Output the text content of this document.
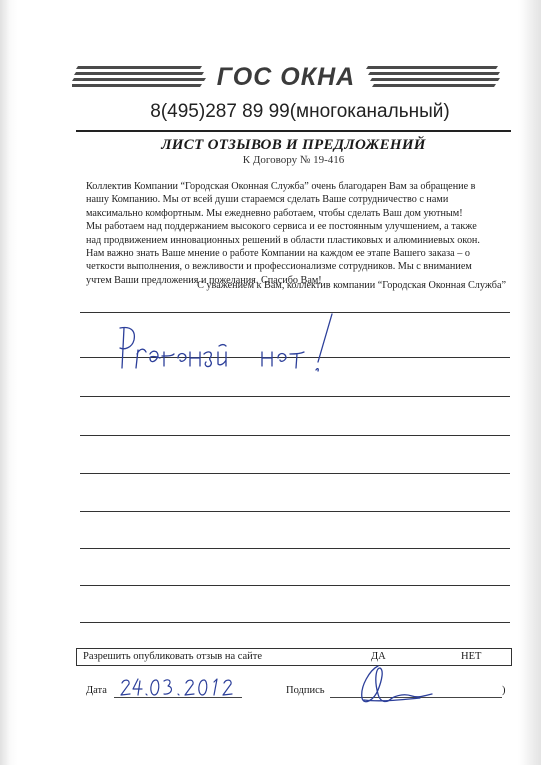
ГОС ОКНА
8(495)287 89 99(многоканальный)
ЛИСТ ОТЗЫВОВ И ПРЕДЛОЖЕНИЙ
К Договору № 19-416

Коллектив Компании “Городская Оконная Служба” очень благодарен Вам за обращение в

нашу Компанию. Мы от всей души стараемся сделать Ваше сотрудничество с нами

максимально комфортным. Мы ежедневно работаем, чтобы сделать Ваш дом уютным!

Мы работаем над поддержанием высокого сервиса и ее постоянным улучшением, а также

над продвижением инновационных решений в области пластиковых и алюминиевых окон.

Нам важно знать Ваше мнение о работе Компании на каждом ее этапе Вашего заказа – о

четкости выполнения, о вежливости и профессионализме сотрудников. Мы с вниманием

учтем Ваши предложения и пожелания. Спасибо Вам!

С уважением к Вам, коллектив компании “Городская Оконная Служба”
Разрешить опубликовать отзыв на сайте	ДА	НЕТ
Дата	Подпись	)
